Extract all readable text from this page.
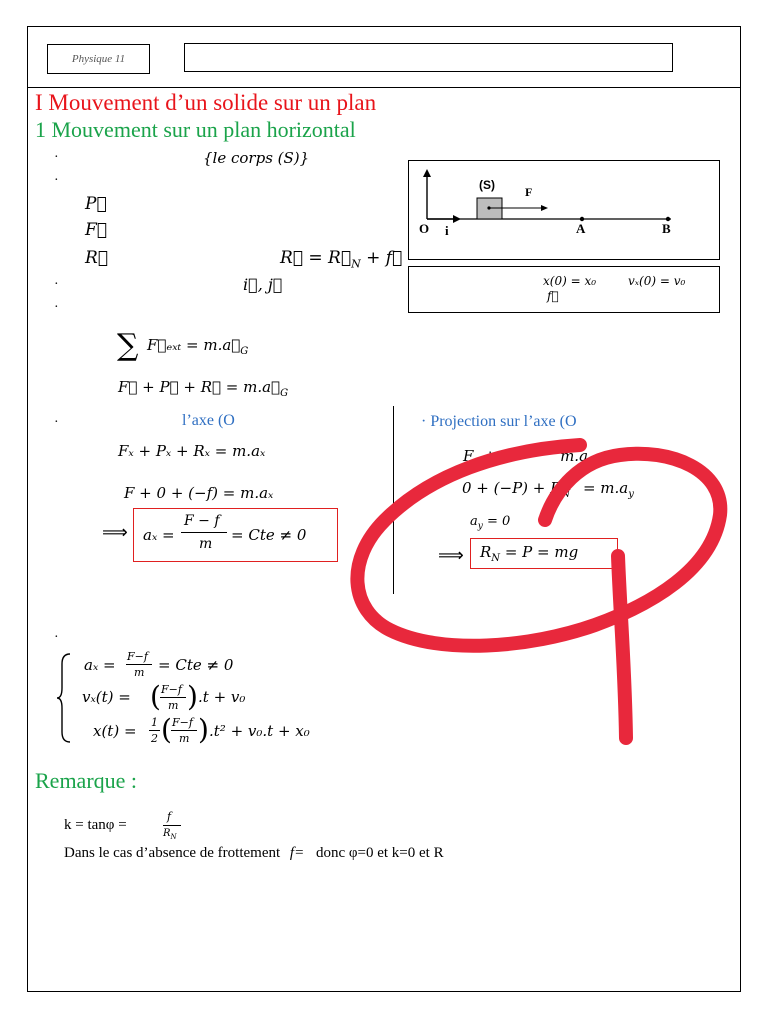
Physique 11
I Mouvement d’un solide sur un plan
1 Mouvement sur un plan horizontal
·
·
·
·
·
·
{le corps (S)}
P⃗
F⃗
R⃗	R⃗ = $R⃗_N$ + f⃗
i⃗, j⃗
(S)	F⃗
O i⃗	A	B
x(0) = x₀	vₓ(0) = v₀
f⃗
∑ F⃗ₑₓₜ = $m.a⃗_G$
F⃗ + P⃗ + R⃗ = $m.a⃗_G$
l’axe (O
Fₓ + Pₓ + Rₓ = m.aₓ
F + 0 + (−f) = m.aₓ
⟹ aₓ =
F − f
m = Cte ≠ 0
· Projection sur l’axe (O
$F_y + P$	$m.a_y$
$0 + (-P) + R_N = m.a_y$
$a_y = 0$
⟹ $R_N = P$ = mg
aₓ = F−f
m = Cte ≠ 0
vₓ(t) = ( F−f
m ) .t + v₀
x(t) = 1
2 ( F−f
m ) .t² + v₀.t + x₀
Remarque :
k = tanφ =
f
$R_N$
Dans le cas d’absence de frottement f= donc φ=0 et k=0 et R
